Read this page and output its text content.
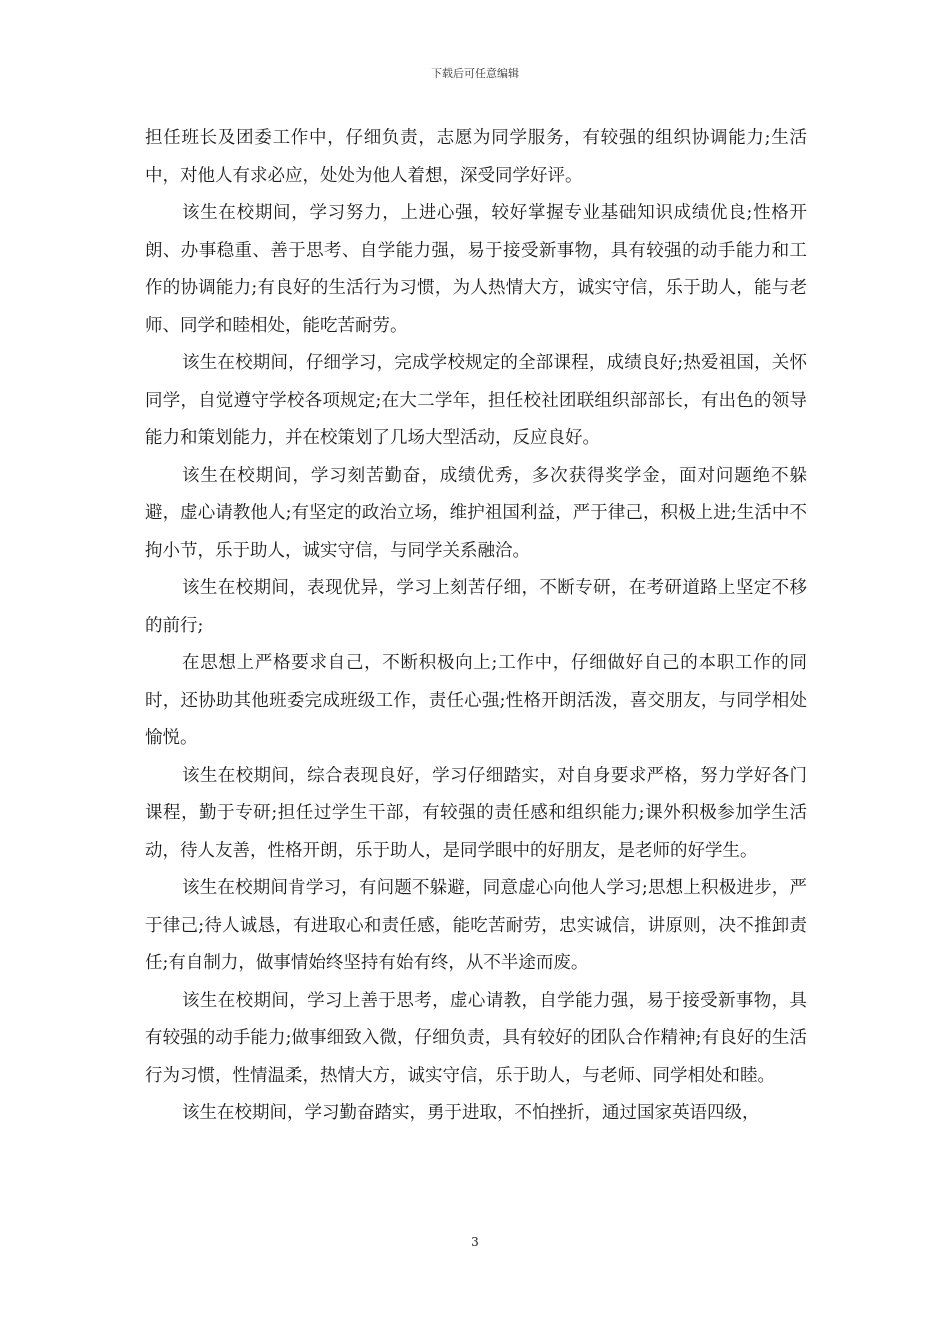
下载后可任意编辑

担任班长及团委工作中，仔细负责，志愿为同学服务，有较强的组织协调能力;生活中，对他人有求必应，处处为他人着想，深受同学好评。

该生在校期间，学习努力，上进心强，较好掌握专业基础知识成绩优良;性格开朗、办事稳重、善于思考、自学能力强，易于接受新事物，具有较强的动手能力和工作的协调能力;有良好的生活行为习惯，为人热情大方，诚实守信，乐于助人，能与老师、同学和睦相处，能吃苦耐劳。

该生在校期间，仔细学习，完成学校规定的全部课程，成绩良好;热爱祖国，关怀同学，自觉遵守学校各项规定;在大二学年，担任校社团联组织部部长，有出色的领导能力和策划能力，并在校策划了几场大型活动，反应良好。

该生在校期间，学习刻苦勤奋，成绩优秀，多次获得奖学金，面对问题绝不躲避，虚心请教他人;有坚定的政治立场，维护祖国利益，严于律己，积极上进;生活中不拘小节，乐于助人，诚实守信，与同学关系融洽。

该生在校期间，表现优异，学习上刻苦仔细，不断专研，在考研道路上坚定不移的前行;

在思想上严格要求自己，不断积极向上;工作中，仔细做好自己的本职工作的同时，还协助其他班委完成班级工作，责任心强;性格开朗活泼，喜交朋友，与同学相处愉悦。

该生在校期间，综合表现良好，学习仔细踏实，对自身要求严格，努力学好各门课程，勤于专研;担任过学生干部，有较强的责任感和组织能力;课外积极参加学生活动，待人友善，性格开朗，乐于助人，是同学眼中的好朋友，是老师的好学生。

该生在校期间肯学习，有问题不躲避，同意虚心向他人学习;思想上积极进步，严于律己;待人诚恳，有进取心和责任感，能吃苦耐劳，忠实诚信，讲原则，决不推卸责任;有自制力，做事情始终坚持有始有终，从不半途而废。

该生在校期间，学习上善于思考，虚心请教，自学能力强，易于接受新事物，具有较强的动手能力;做事细致入微，仔细负责，具有较好的团队合作精神;有良好的生活行为习惯，性情温柔，热情大方，诚实守信，乐于助人，与老师、同学相处和睦。

该生在校期间，学习勤奋踏实，勇于进取，不怕挫折，通过国家英语四级，

3
